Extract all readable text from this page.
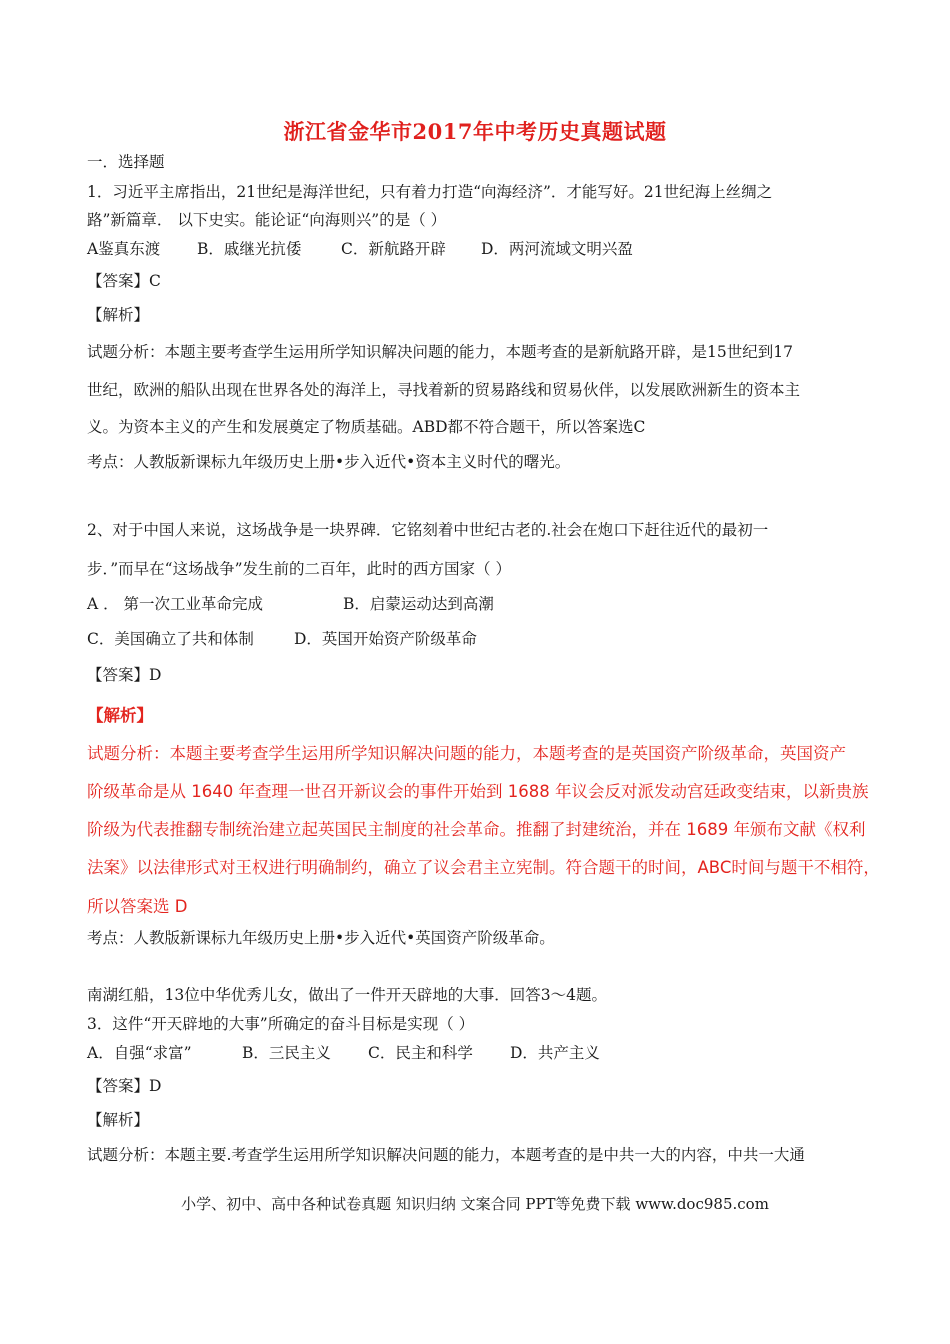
浙江省金华市2017年中考历史真题试题
一．选择题
1．习近平主席指出，21世纪是海洋世纪，只有着力打造“向海经济”．才能写好。21世纪海上丝绸之
路”新篇章． 以下史实。能论证“向海则兴”的是（ ）
A鉴真东渡 B．戚继光抗倭	C．新航路开辟 D．两河流域文明兴盈
【答案】C
【解析】
试题分析：本题主要考查学生运用所学知识解决问题的能力，本题考查的是新航路开辟，是15世纪到17
世纪，欧洲的船队出现在世界各处的海洋上，寻找着新的贸易路线和贸易伙伴，以发展欧洲新生的资本主
义。为资本主义的产生和发展奠定了物质基础。ABD都不符合题干，所以答案选C
考点：人教版新课标九年级历史上册•步入近代•资本主义时代的曙光。
2、对于中国人来说，这场战争是一块界碑．它铭刻着中世纪古老的.社会在炮口下赶往近代的最初一
步．”而早在“这场战争”发生前的二百年，此时的西方国家（ ）
A ． 第一次工业革命完成	B．启蒙运动达到高潮
C．美国确立了共和体制	D．英国开始资产阶级革命
【答案】D
【解析】
试题分析：本题主要考查学生运用所学知识解决问题的能力，本题考查的是英国资产阶级革命，英国资产
阶级革命是从 1640 年查理一世召开新议会的事件开始到 1688 年议会反对派发动宫廷政变结束，以新贵族
阶级为代表推翻专制统治建立起英国民主制度的社会革命。推翻了封建统治，并在 1689 年颁布文献《权利
法案》以法律形式对王权进行明确制约，确立了议会君主立宪制。符合题干的时间，ABC时间与题干不相符，
所以答案选 D
考点：人教版新课标九年级历史上册•步入近代•英国资产阶级革命。
南湖红船，13位中华优秀儿女，做出了一件开天辟地的大事．回答3～4题。
3．这件“开天辟地的大事”所确定的奋斗目标是实现（ ）
A．自强“求富”	B．三民主义 C．民主和科学 D．共产主义
【答案】D
【解析】
试题分析：本题主要.考查学生运用所学知识解决问题的能力，本题考查的是中共一大的内容，中共一大通
小学、初中、高中各种试卷真题 知识归纳 文案合同 PPT等免费下载 www.doc985.com
